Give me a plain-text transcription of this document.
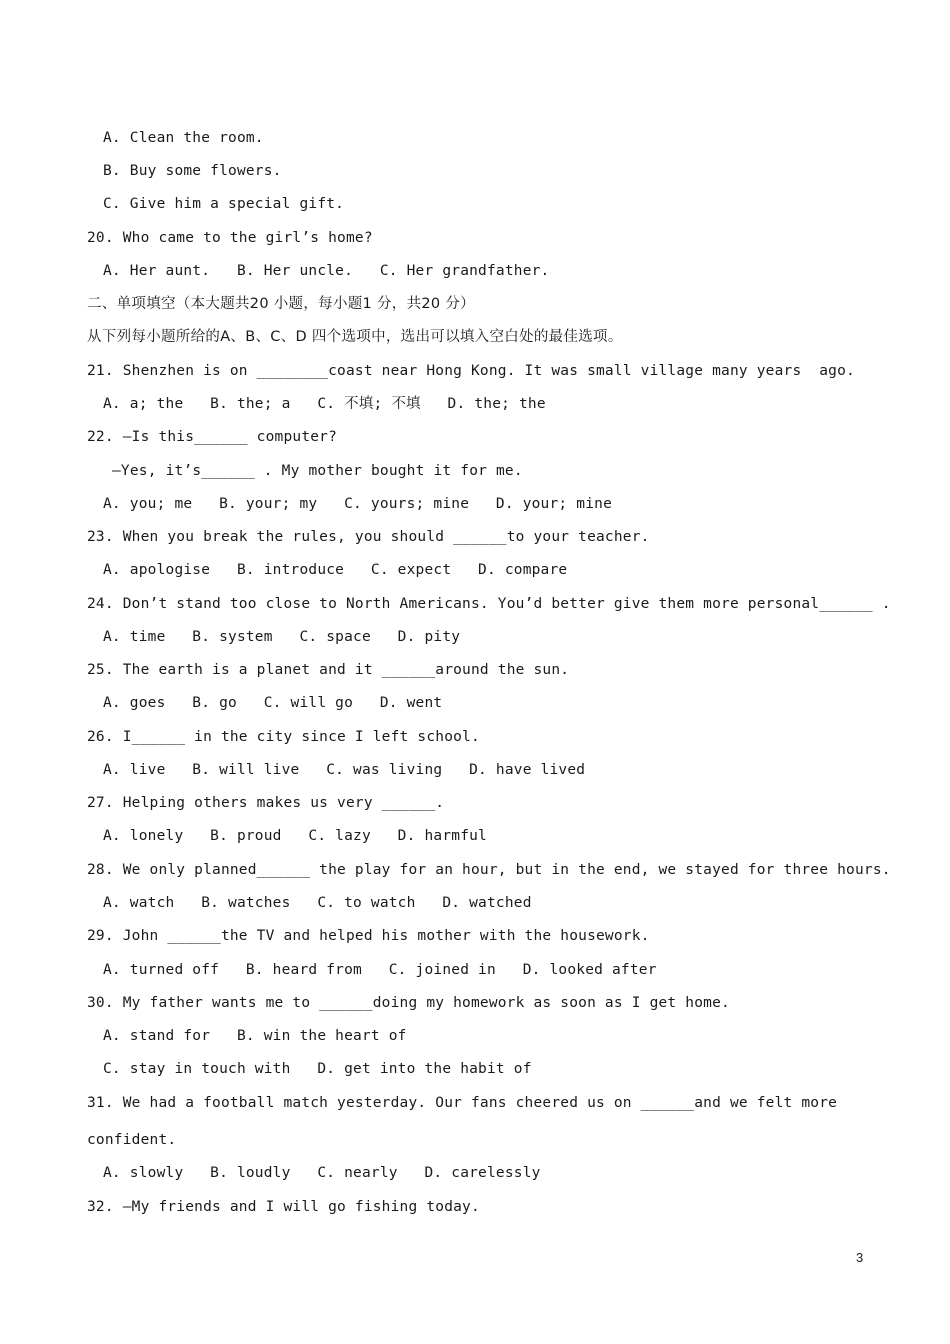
A. Clean the room.
B. Buy some flowers.
C. Give him a special gift.
20. Who came to the girl’s home?
A. Her aunt.   B. Her uncle.   C. Her grandfather.
二、单项填空（本大题共20 小题，每小题1 分，共20 分）
从下列每小题所给的A、B、C、D 四个选项中，选出可以填入空白处的最佳选项。
21. Shenzhen is on ________coast near Hong Kong. It was small village many years  ago.
A. a; the   B. the; a   C. 不填; 不填   D. the; the
22. —Is this______ computer?
—Yes, it’s______ . My mother bought it for me.
A. you; me   B. your; my   C. yours; mine   D. your; mine
23. When you break the rules, you should ______to your teacher.
A. apologise   B. introduce   C. expect   D. compare
24. Don’t stand too close to North Americans. You’d better give them more personal______ .
A. time   B. system   C. space   D. pity
25. The earth is a planet and it ______around the sun.
A. goes   B. go   C. will go   D. went
26. I______ in the city since I left school.
A. live   B. will live   C. was living   D. have lived
27. Helping others makes us very ______.
A. lonely   B. proud   C. lazy   D. harmful
28. We only planned______ the play for an hour, but in the end, we stayed for three hours.
A. watch   B. watches   C. to watch   D. watched
29. John ______the TV and helped his mother with the housework.
A. turned off   B. heard from   C. joined in   D. looked after
30. My father wants me to ______doing my homework as soon as I get home.
A. stand for   B. win the heart of
C. stay in touch with   D. get into the habit of
31. We had a football match yesterday. Our fans cheered us on ______and we felt more
confident.
A. slowly   B. loudly   C. nearly   D. carelessly
32. —My friends and I will go fishing today.
3
